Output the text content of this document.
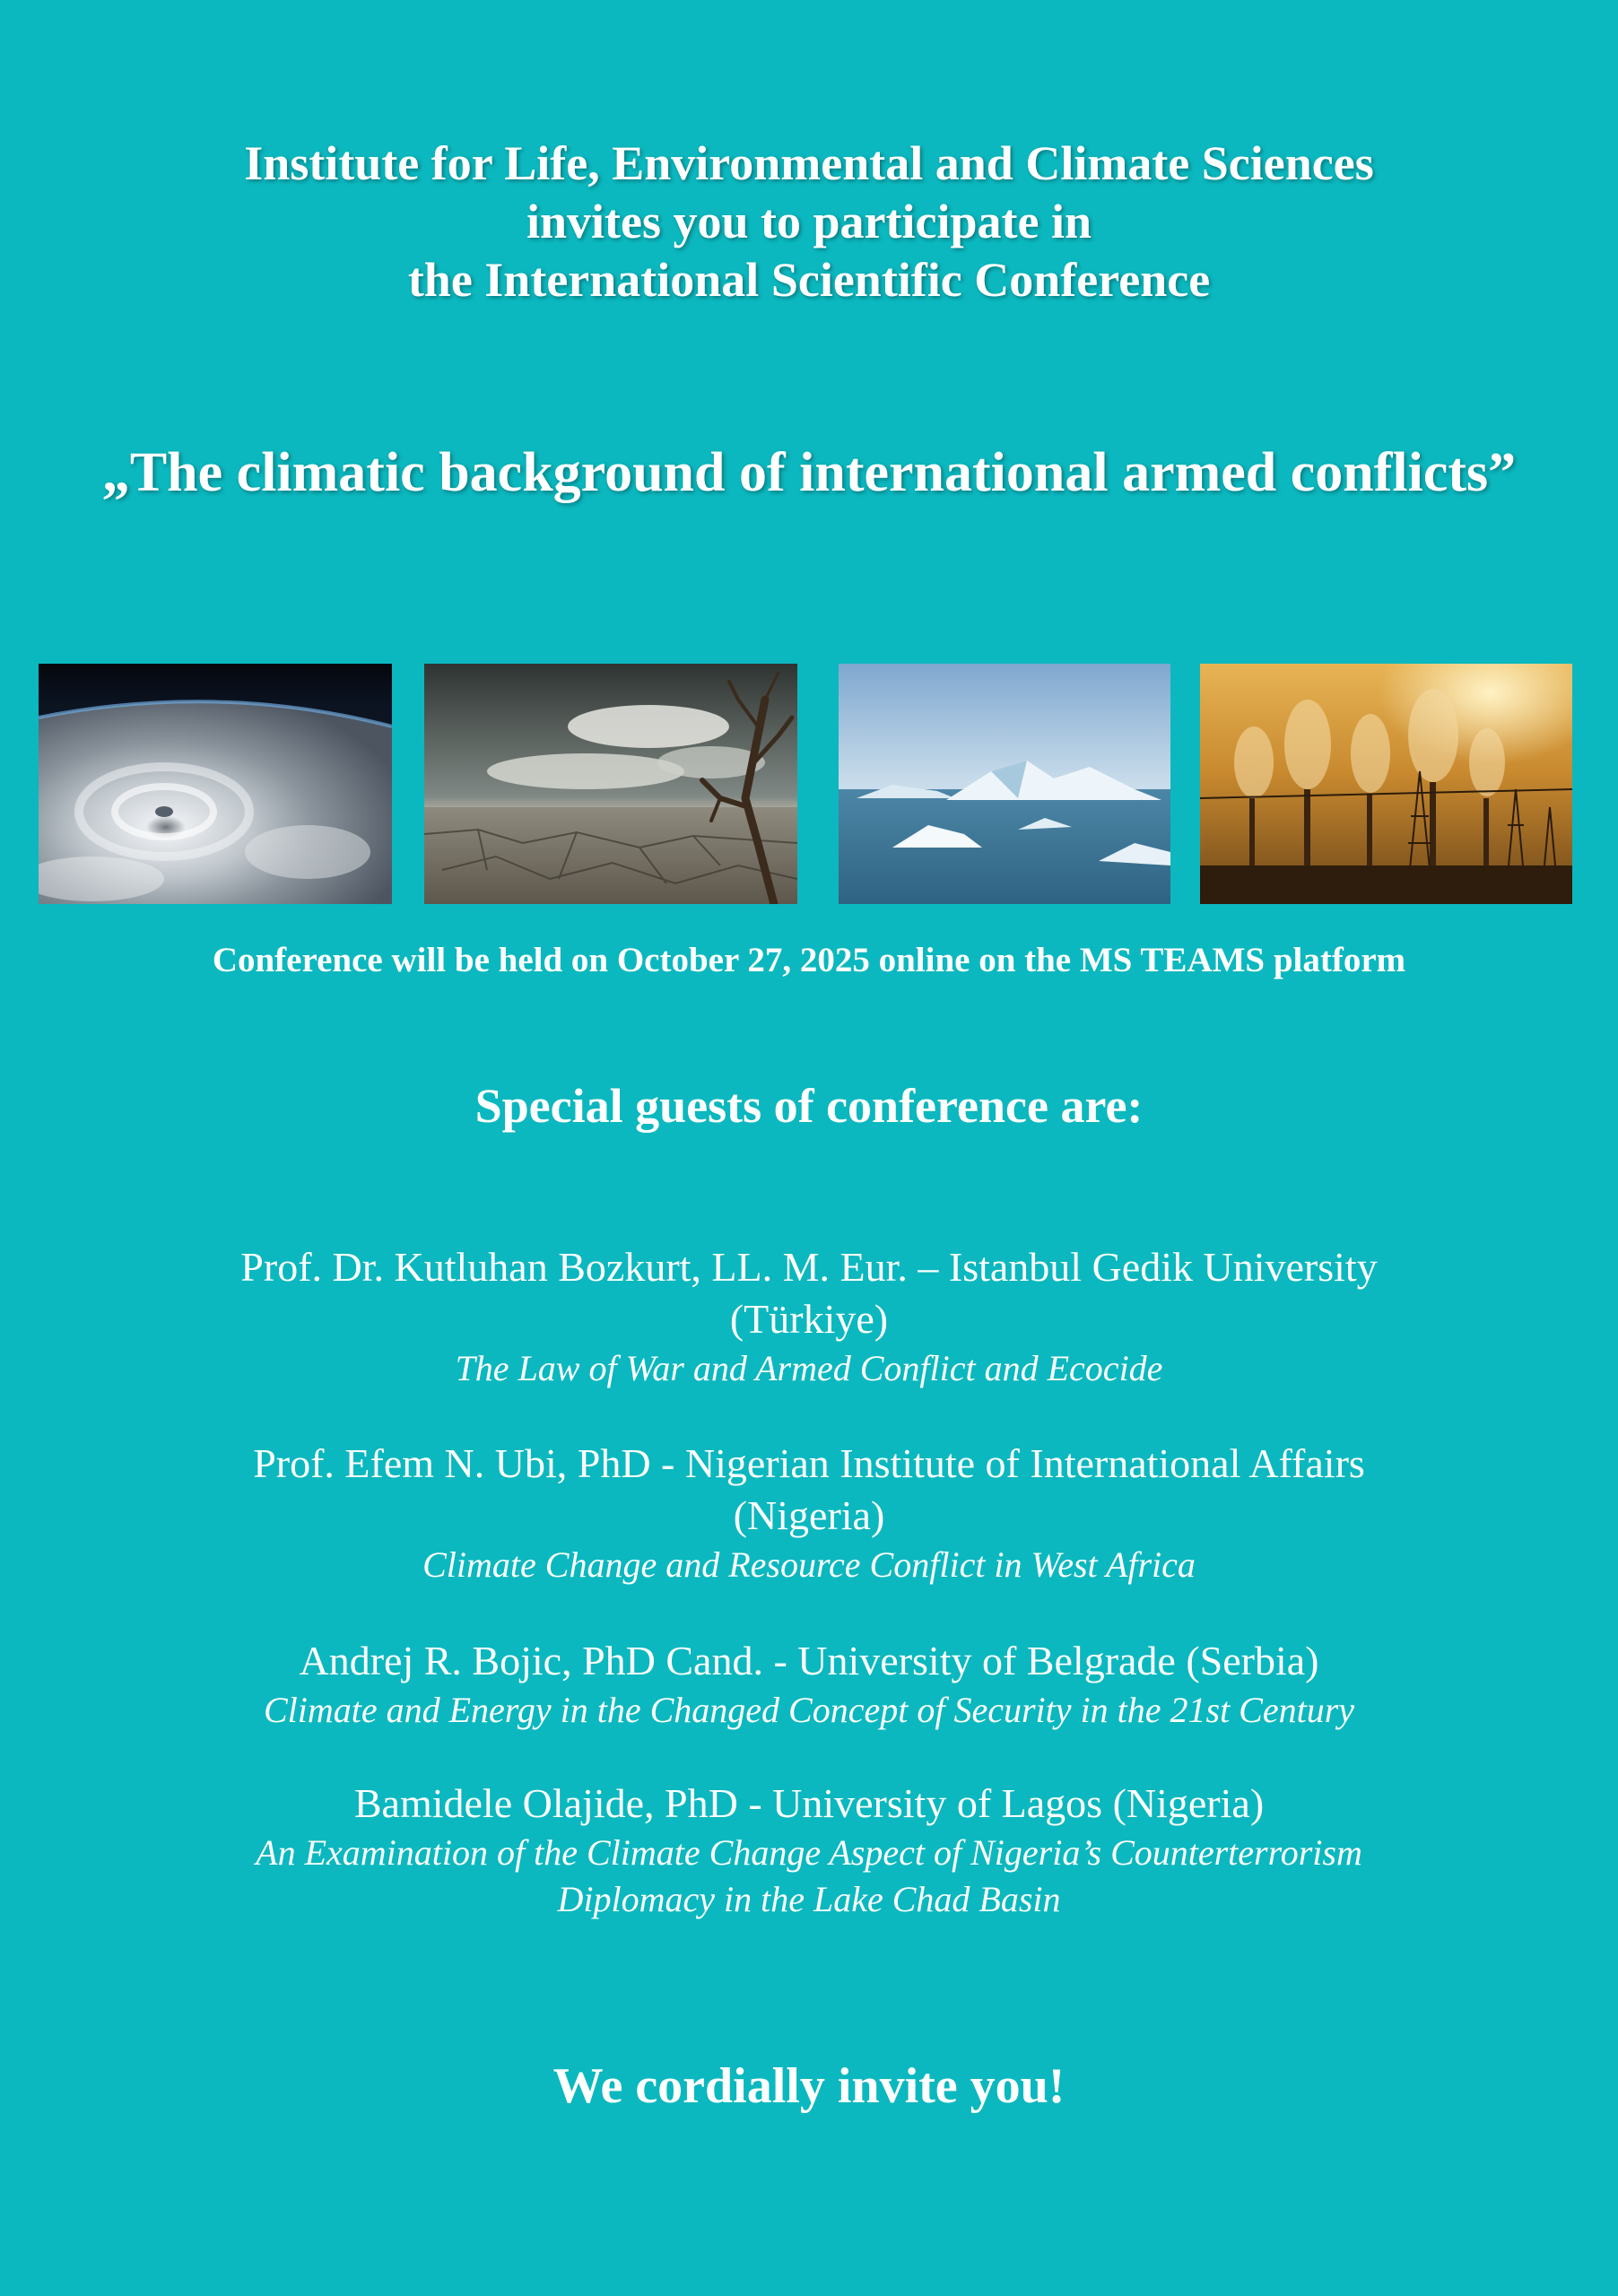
Institute for Life, Environmental and Climate Sciences
invites you to participate in
the International Scientific Conference
„The climatic background of international armed conflicts”
Conference will be held on October 27, 2025 online on the MS TEAMS platform
Special guests of conference are:
Prof. Dr. Kutluhan Bozkurt, LL. M. Eur. – Istanbul Gedik University
(Türkiye)
The Law of War and Armed Conflict and Ecocide
Prof. Efem N. Ubi, PhD - Nigerian Institute of International Affairs
(Nigeria)
Climate Change and Resource Conflict in West Africa
Andrej R. Bojic, PhD Cand. - University of Belgrade (Serbia)
Climate and Energy in the Changed Concept of Security in the 21st Century
Bamidele Olajide, PhD - University of Lagos (Nigeria)
An Examination of the Climate Change Aspect of Nigeria’s Counterterrorism
Diplomacy in the Lake Chad Basin
We cordially invite you!
